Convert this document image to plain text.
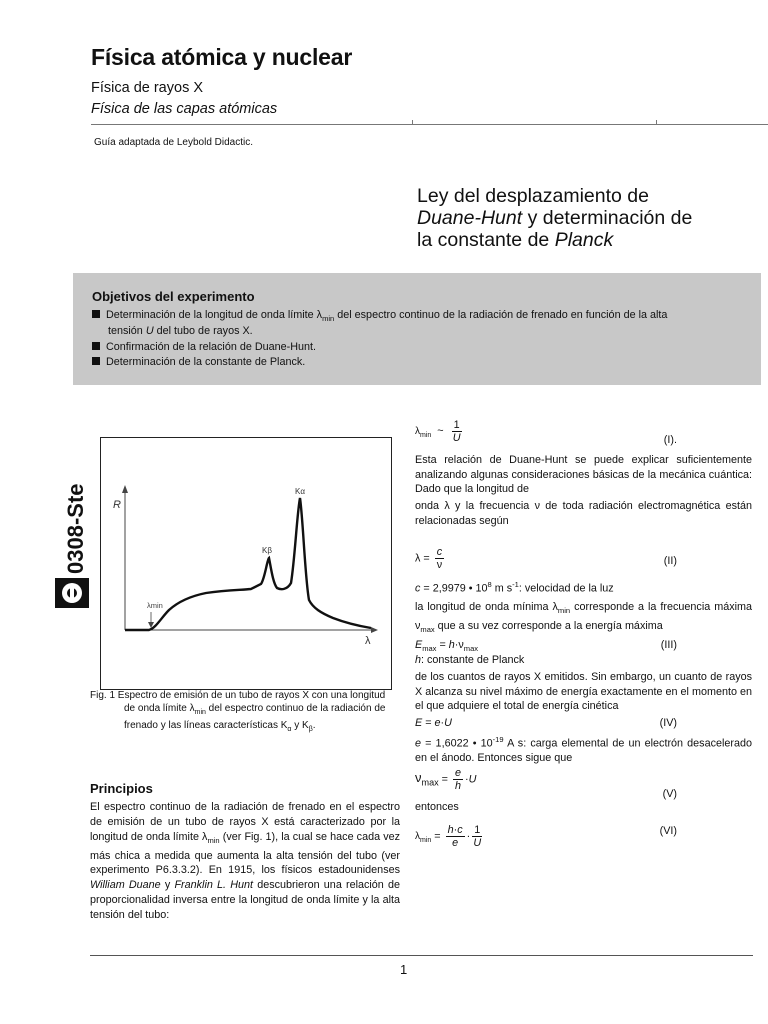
Física atómica y nuclear
Física de rayos X
Física de las capas atómicas
Guía adaptada de Leybold Didactic.
Ley del desplazamiento de
Duane-Hunt y determinación de
la constante de Planck
Objetivos del experimento
Determinación de la longitud de onda límite $\lambda_{min}$ del espectro continuo de la radiación de frenado en función de la alta
tensión U del tubo de rayos X.
Confirmación de la relación de Duane-Hunt.
Determinación de la constante de Planck.
0308-Ste R
λ
λmin
Kα
Kβ
Fig. 1 Espectro de emisión de un tubo de rayos X con una longitud
de onda límite $\lambda_{min}$ del espectro continuo de la radiación de
frenado y las líneas características $K_\alpha$ y $K_\beta$.
Principios
El espectro continuo de la radiación de frenado en el espectro de emisión de un tubo de rayos X está caracterizado por la longitud de onda límite $\lambda_{min}$ (ver Fig. 1), la cual se hace cada vez más chica a medida que aumenta la alta tensión del tubo (ver experimento P6.3.3.2). En 1915, los físicos estadounidenses William Duane y Franklin L. Hunt descubrieron una relación de proporcionalidad inversa entre la longitud de onda límite y la alta tensión del tubo:
$\lambda_{min}$ ~ $\frac{1}{U}$	(I).
Esta relación de Duane-Hunt se puede explicar suficientemente analizando algunas consideraciones básicas de la mecánica cuántica: Dado que la longitud de
onda λ y la frecuencia ν de toda radiación electromagnética están relacionadas según
$\lambda = \frac{c}{\nu}$	(II)
c = 2,9979 • $10^8$ m $s^{-1}$: velocidad de la luz
la longitud de onda mínima $\lambda_{min}$ corresponde a la frecuencia máxima $\nu_{max}$ que a su vez corresponde a la energía máxima
$E_{max} = h\cdot\nu_{max}$	(III)
h: constante de Planck
de los cuantos de rayos X emitidos. Sin embargo, un cuanto de rayos X alcanza su nivel máximo de energía exactamente en el momento en el que adquiere el total de energía cinética
E = e·U	(IV)
e = 1,6022 • $10^{-19}$ A s: carga elemental de un electrón desacelerado en el ánodo. Entonces sigue que
$\nu_{max} = \frac{e}{h} \cdot U$
(V)
entonces
$\lambda_{min} = \frac{h\cdot c}{e} \cdot \frac{1}{U}$	(VI)
1
